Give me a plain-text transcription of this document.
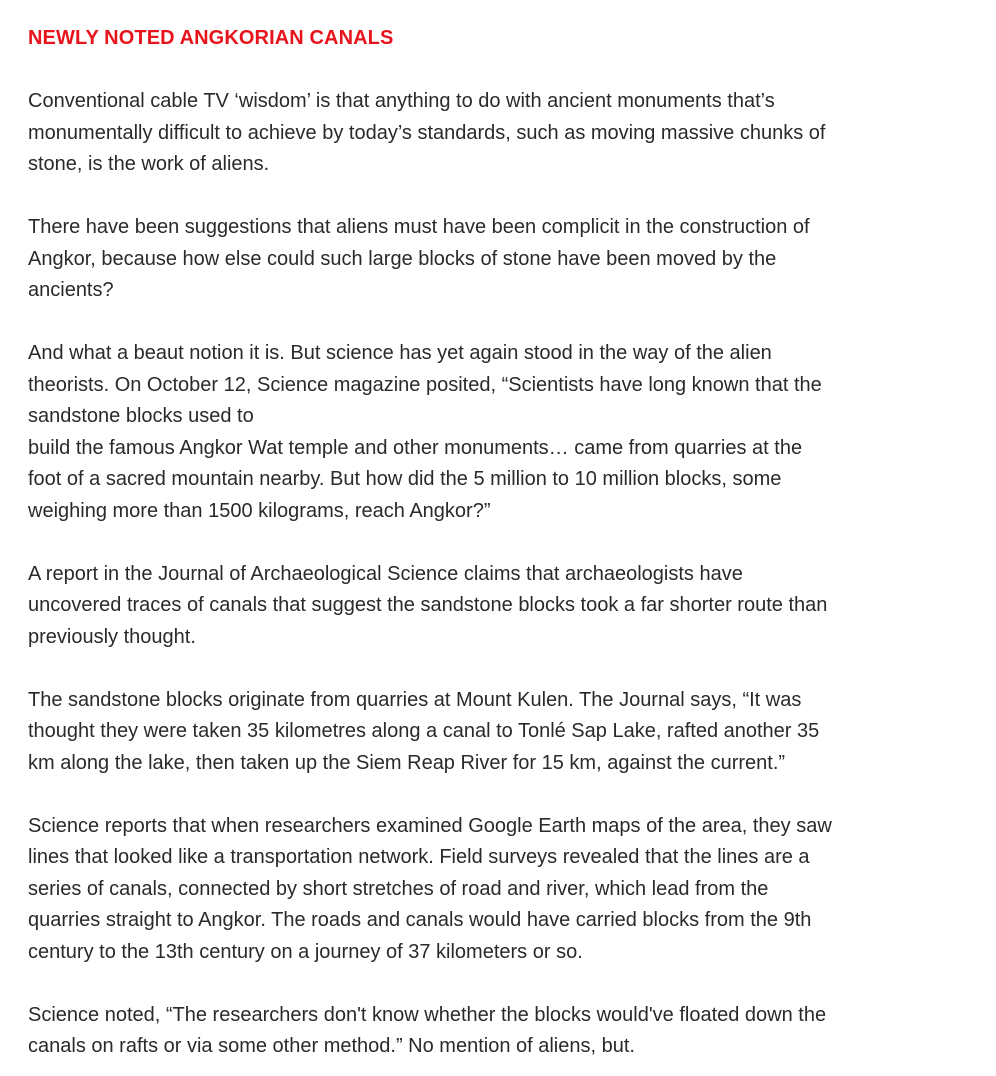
NEWLY NOTED ANGKORIAN CANALS

Conventional cable TV ‘wisdom’ is that anything to do with ancient monuments that’s
monumentally difficult to achieve by today’s standards, such as moving massive chunks of
stone, is the work of aliens.

There have been suggestions that aliens must have been complicit in the construction of
Angkor, because how else could such large blocks of stone have been moved by the
ancients?

And what a beaut notion it is. But science has yet again stood in the way of the alien
theorists. On October 12, Science magazine posited, “Scientists have long known that the
sandstone blocks used to
build the famous Angkor Wat temple and other monuments… came from quarries at the
foot of a sacred mountain nearby. But how did the 5 million to 10 million blocks, some
weighing more than 1500 kilograms, reach Angkor?”

A report in the Journal of Archaeological Science claims that archaeologists have
uncovered traces of canals that suggest the sandstone blocks took a far shorter route than
previously thought.

The sandstone blocks originate from quarries at Mount Kulen. The Journal says, “It was
thought they were taken 35 kilometres along a canal to Tonlé Sap Lake, rafted another 35
km along the lake, then taken up the Siem Reap River for 15 km, against the current.”

Science reports that when researchers examined Google Earth maps of the area, they saw
lines that looked like a transportation network. Field surveys revealed that the lines are a
series of canals, connected by short stretches of road and river, which lead from the
quarries straight to Angkor. The roads and canals would have carried blocks from the 9th
century to the 13th century on a journey of 37 kilometers or so.

Science noted, “The researchers don't know whether the blocks would've floated down the
canals on rafts or via some other method.” No mention of aliens, but.
